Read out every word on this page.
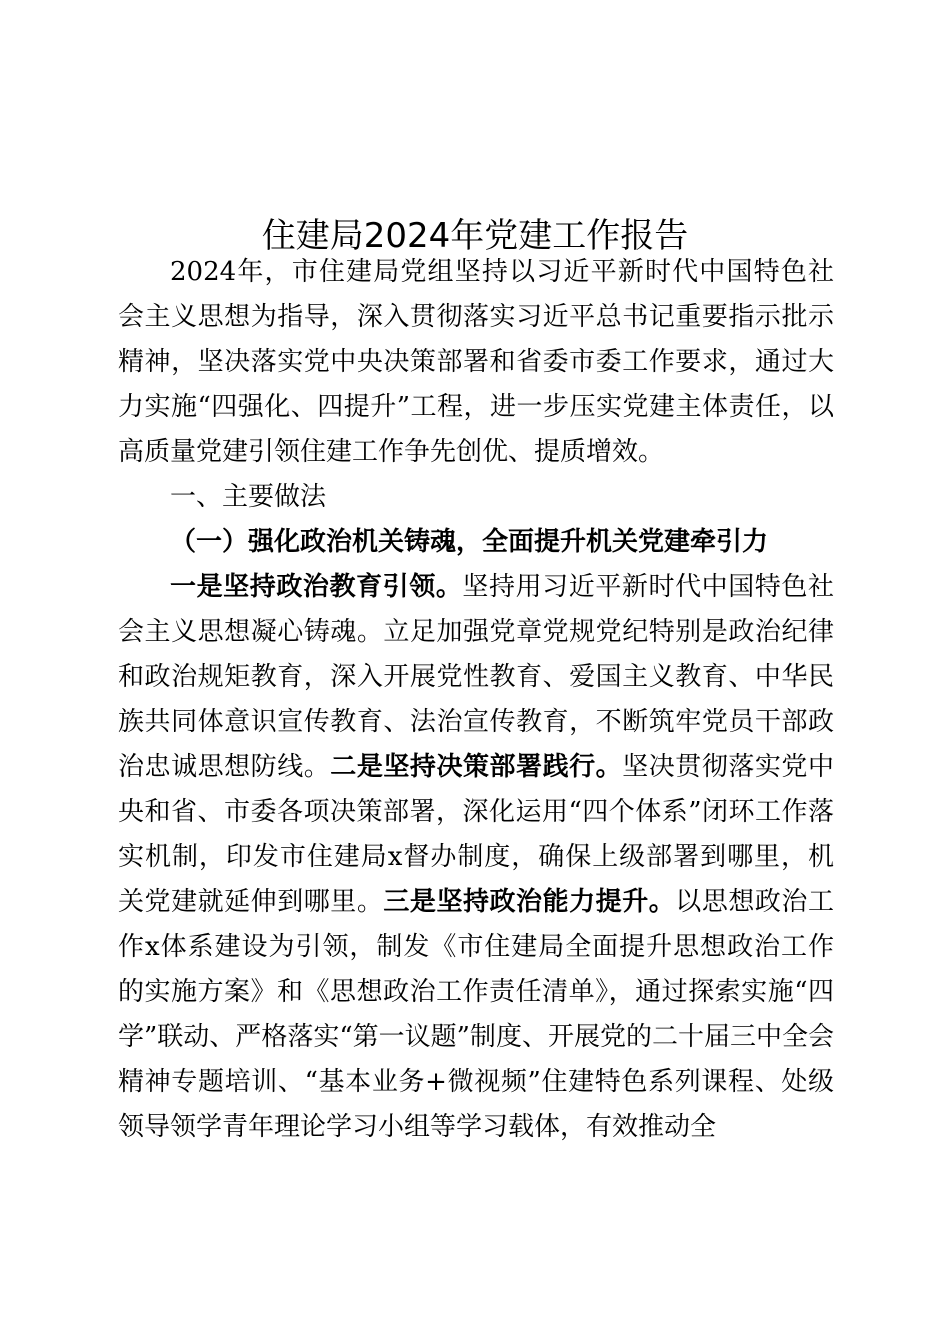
住建局2024年党建工作报告

2024年，市住建局党组坚持以习近平新时代中国特色社会主义思想为指导，深入贯彻落实习近平总书记重要指示批示精神，坚决落实党中央决策部署和省委市委工作要求，通过大力实施“四强化、四提升”工程，进一步压实党建主体责任，以高质量党建引领住建工作争先创优、提质增效。

一、主要做法

（一）强化政治机关铸魂，全面提升机关党建牵引力

一是坚持政治教育引领。坚持用习近平新时代中国特色社会主义思想凝心铸魂。立足加强党章党规党纪特别是政治纪律和政治规矩教育，深入开展党性教育、爱国主义教育、中华民族共同体意识宣传教育、法治宣传教育，不断筑牢党员干部政治忠诚思想防线。二是坚持决策部署践行。坚决贯彻落实党中央和省、市委各项决策部署，深化运用“四个体系”闭环工作落实机制，印发市住建局x督办制度，确保上级部署到哪里，机关党建就延伸到哪里。三是坚持政治能力提升。以思想政治工作x体系建设为引领，制发《市住建局全面提升思想政治工作的实施方案》和《思想政治工作责任清单》，通过探索实施“四学”联动、严格落实“第一议题”制度、开展党的二十届三中全会精神专题培训、“基本业务+微视频”住建特色系列课程、处级领导领学青年理论学习小组等学习载体，有效推动全
